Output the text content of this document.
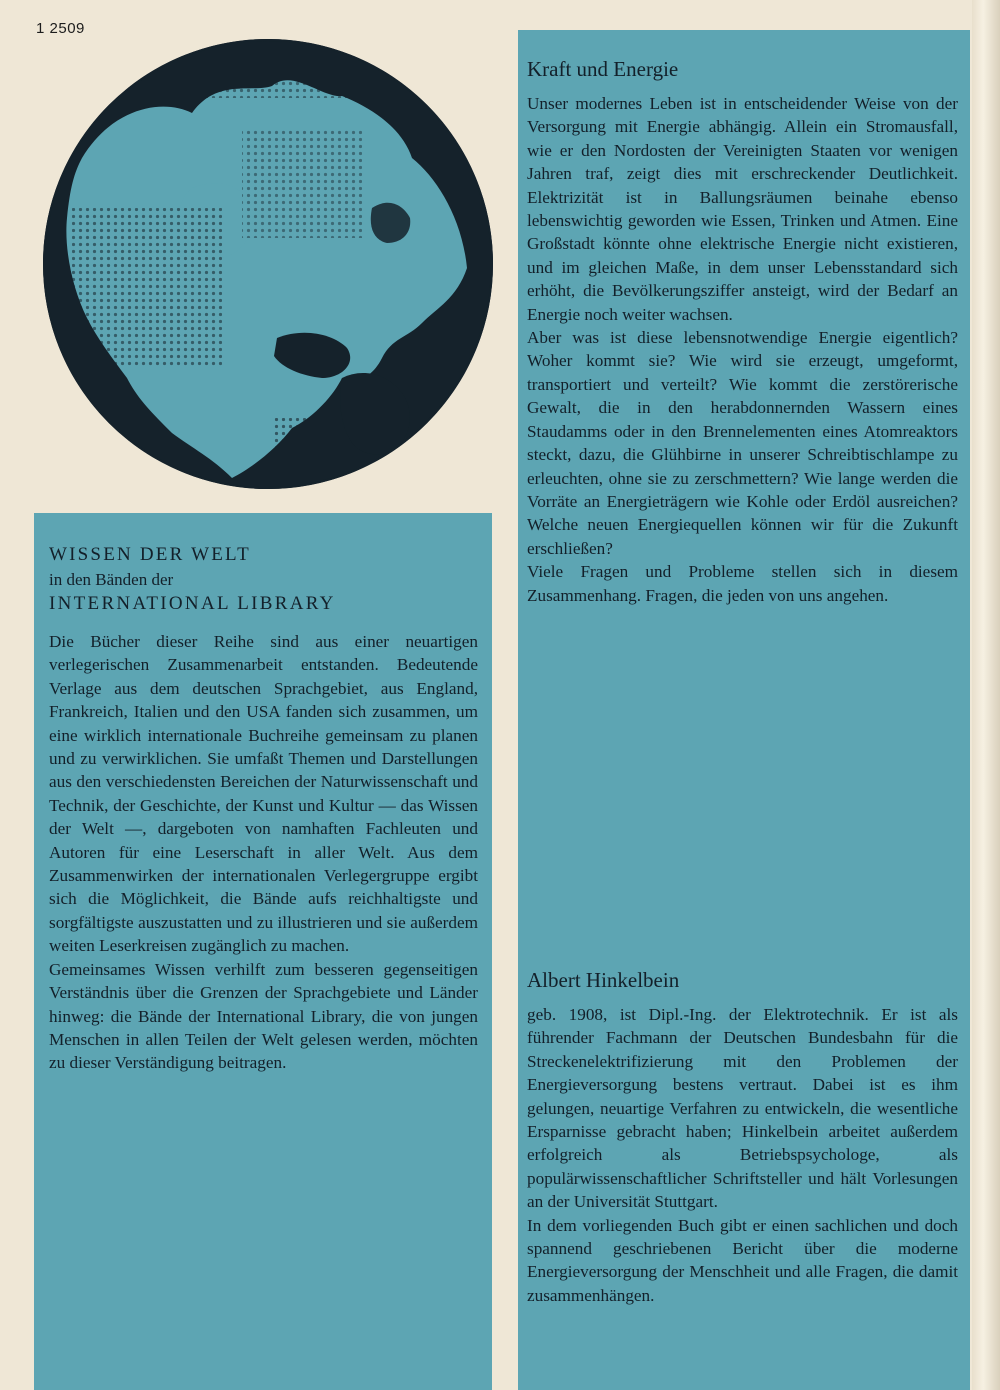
1 2509

WISSEN DER WELT

in den Bänden der

INTERNATIONAL LIBRARY

Die Bücher dieser Reihe sind aus einer neuartigen verlegerischen Zusammenarbeit entstanden. Bedeutende Verlage aus dem deutschen Sprachgebiet, aus England, Frankreich, Italien und den USA fanden sich zusammen, um eine wirklich internationale Buchreihe gemeinsam zu planen und zu verwirklichen. Sie umfaßt Themen und Darstellungen aus den verschiedensten Bereichen der Naturwissenschaft und Technik, der Geschichte, der Kunst und Kultur — das Wissen der Welt —, dargeboten von namhaften Fachleuten und Autoren für eine Leserschaft in aller Welt. Aus dem Zusammenwirken der internationalen Verlegergruppe ergibt sich die Möglichkeit, die Bände aufs reichhaltigste und sorgfältigste auszustatten und zu illustrieren und sie außerdem weiten Leserkreisen zugänglich zu machen.

Gemeinsames Wissen verhilft zum besseren gegenseitigen Verständnis über die Grenzen der Sprachgebiete und Länder hinweg: die Bände der International Library, die von jungen Menschen in allen Teilen der Welt gelesen werden, möchten zu dieser Verständigung beitragen.

Kraft und Energie

Unser modernes Leben ist in entscheidender Weise von der Versorgung mit Energie abhängig. Allein ein Stromausfall, wie er den Nordosten der Vereinigten Staaten vor wenigen Jahren traf, zeigt dies mit erschreckender Deutlichkeit. Elektrizität ist in Ballungsräumen beinahe ebenso lebenswichtig geworden wie Essen, Trinken und Atmen. Eine Großstadt könnte ohne elektrische Energie nicht existieren, und im gleichen Maße, in dem unser Lebensstandard sich erhöht, die Bevölkerungsziffer ansteigt, wird der Bedarf an Energie noch weiter wachsen.

Aber was ist diese lebensnotwendige Energie eigentlich? Woher kommt sie? Wie wird sie erzeugt, umgeformt, transportiert und verteilt? Wie kommt die zerstörerische Gewalt, die in den herabdonnernden Wassern eines Staudamms oder in den Brennelementen eines Atomreaktors steckt, dazu, die Glühbirne in unserer Schreibtischlampe zu erleuchten, ohne sie zu zerschmettern? Wie lange werden die Vorräte an Energieträgern wie Kohle oder Erdöl ausreichen? Welche neuen Energiequellen können wir für die Zukunft erschließen?

Viele Fragen und Probleme stellen sich in diesem Zusammenhang. Fragen, die jeden von uns angehen.

Albert Hinkelbein

geb. 1908, ist Dipl.-Ing. der Elektrotechnik. Er ist als führender Fachmann der Deutschen Bundesbahn für die Streckenelektrifizierung mit den Problemen der Energieversorgung bestens vertraut. Dabei ist es ihm gelungen, neuartige Verfahren zu entwickeln, die wesentliche Ersparnisse gebracht haben; Hinkelbein arbeitet außerdem erfolgreich als Betriebspsychologe, als populärwissenschaftlicher Schriftsteller und hält Vorlesungen an der Universität Stuttgart.

In dem vorliegenden Buch gibt er einen sachlichen und doch spannend geschriebenen Bericht über die moderne Energieversorgung der Menschheit und alle Fragen, die damit zusammenhängen.
